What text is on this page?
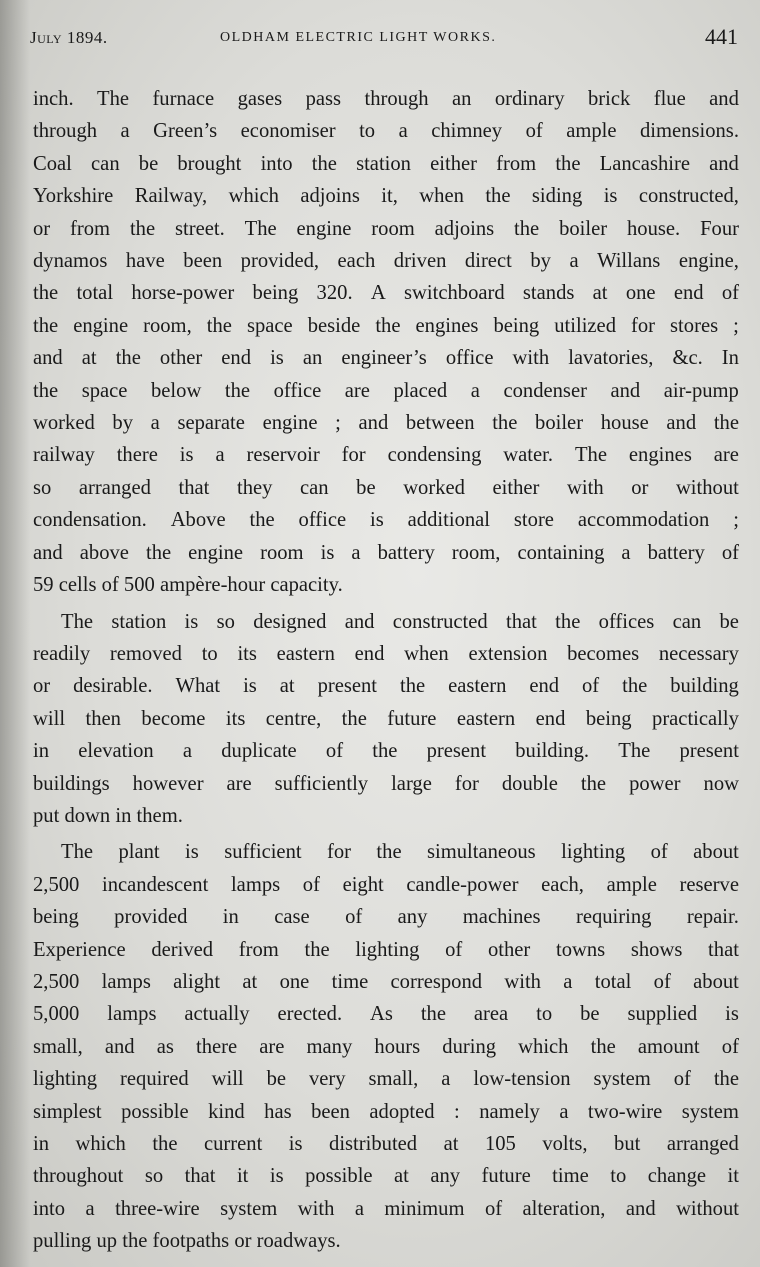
July 1894.	OLDHAM ELECTRIC LIGHT WORKS.	441
inch. The furnace gases pass through an ordinary brick flue and
through a Green’s economiser to a chimney of ample dimensions.
Coal can be brought into the station either from the Lancashire and
Yorkshire Railway, which adjoins it, when the siding is constructed,
or from the street. The engine room adjoins the boiler house. Four
dynamos have been provided, each driven direct by a Willans engine,
the total horse-power being 320. A switchboard stands at one end of
the engine room, the space beside the engines being utilized for stores ;
and at the other end is an engineer’s office with lavatories, &c. In
the space below the office are placed a condenser and air-pump
worked by a separate engine ; and between the boiler house and the
railway there is a reservoir for condensing water. The engines are
so arranged that they can be worked either with or without
condensation. Above the office is additional store accommodation ;
and above the engine room is a battery room, containing a battery of
59 cells of 500 ampère-hour capacity.
The station is so designed and constructed that the offices can be
readily removed to its eastern end when extension becomes necessary
or desirable. What is at present the eastern end of the building
will then become its centre, the future eastern end being practically
in elevation a duplicate of the present building. The present
buildings however are sufficiently large for double the power now
put down in them.
The plant is sufficient for the simultaneous lighting of about
2,500 incandescent lamps of eight candle-power each, ample reserve
being provided in case of any machines requiring repair.
Experience derived from the lighting of other towns shows that
2,500 lamps alight at one time correspond with a total of about
5,000 lamps actually erected. As the area to be supplied is
small, and as there are many hours during which the amount of
lighting required will be very small, a low-tension system of the
simplest possible kind has been adopted : namely a two-wire system
in which the current is distributed at 105 volts, but arranged
throughout so that it is possible at any future time to change it
into a three-wire system with a minimum of alteration, and without
pulling up the footpaths or roadways.
